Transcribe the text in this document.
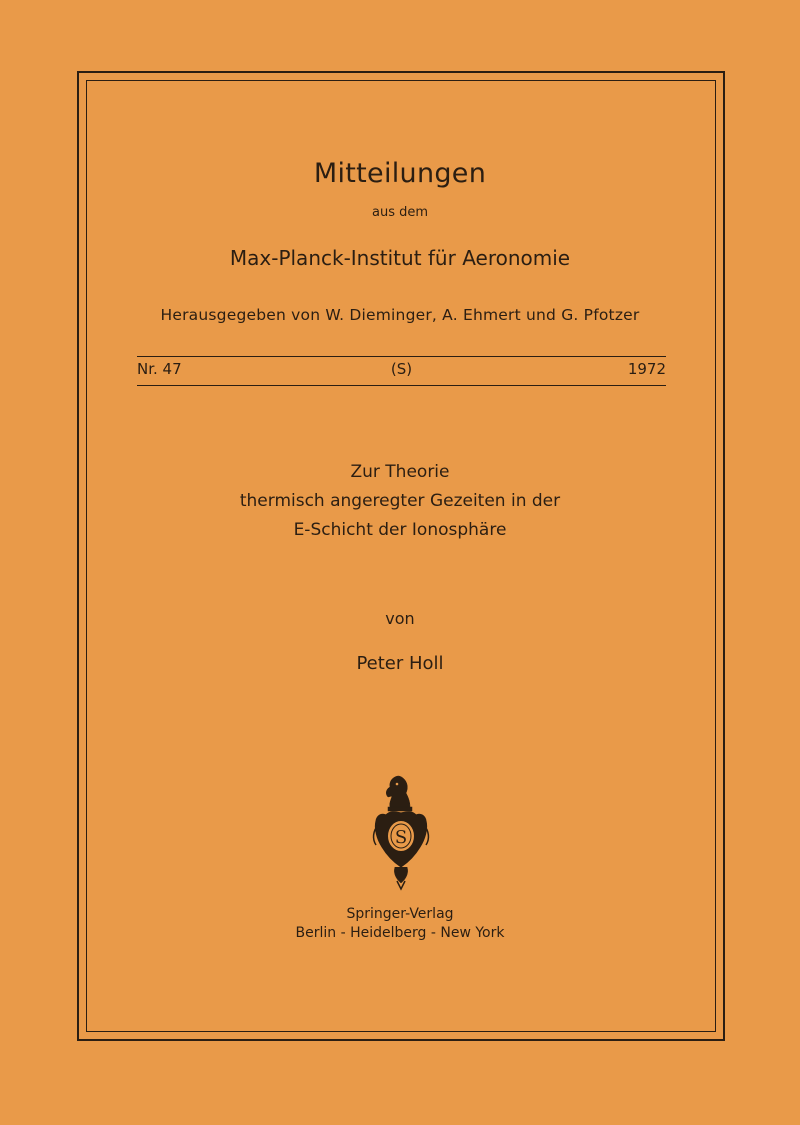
Mitteilungen
aus dem
Max-Planck-Institut für Aeronomie
Herausgegeben von W. Dieminger, A. Ehmert und G. Pfotzer
Nr. 47	(S)	1972
Zur Theorie
thermisch angeregter Gezeiten in der
E-Schicht der Ionosphäre
von
Peter Holl
S
Springer-Verlag
Berlin - Heidelberg - New York
